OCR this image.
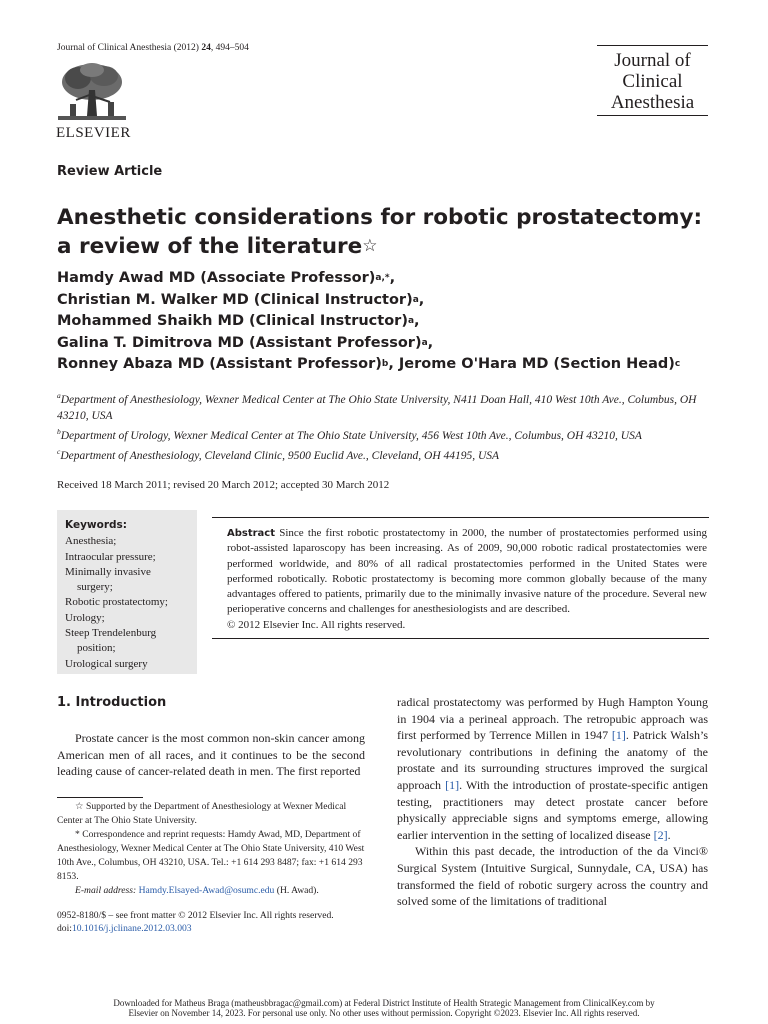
Journal of Clinical Anesthesia (2012) 24, 494–504
Journal of
Clinical
Anesthesia
ELSEVIER
Review Article
Anesthetic considerations for robotic prostatectomy:
a review of the literature☆
Hamdy Awad MD (Associate Professor)$^{a,*}$,
Christian M. Walker MD (Clinical Instructor)$^a$,
Mohammed Shaikh MD (Clinical Instructor)$^a$,
Galina T. Dimitrova MD (Assistant Professor)$^a$,
Ronney Abaza MD (Assistant Professor)$^b$, Jerome O'Hara MD (Section Head)$^c$
$^a$Department of Anesthesiology, Wexner Medical Center at The Ohio State University, N411 Doan Hall, 410 West 10th Ave., Columbus, OH 43210, USA
$^b$Department of Urology, Wexner Medical Center at The Ohio State University, 456 West 10th Ave., Columbus, OH 43210, USA
$^c$Department of Anesthesiology, Cleveland Clinic, 9500 Euclid Ave., Cleveland, OH 44195, USA
Received 18 March 2011; revised 20 March 2012; accepted 30 March 2012
Keywords:
Anesthesia;
Intraocular pressure;
Minimally invasive
surgery;
Robotic prostatectomy;
Urology;
Steep Trendelenburg
position;
Urological surgery
Abstract Since the first robotic prostatectomy in 2000, the number of prostatectomies performed using robot-assisted laparoscopy has been increasing. As of 2009, 90,000 robotic radical prostatectomies were performed worldwide, and 80% of all radical prostatectomies performed in the United States were performed robotically. Robotic prostatectomy is becoming more common globally because of the many advantages offered to patients, primarily due to the minimally invasive nature of the procedure. Several new perioperative concerns and challenges for anesthesiologists and are described.
© 2012 Elsevier Inc. All rights reserved.
1. Introduction

Prostate cancer is the most common non-skin cancer among American men of all races, and it continues to be the second leading cause of cancer-related death in men. The first reported

☆ Supported by the Department of Anesthesiology at Wexner Medical Center at The Ohio State University.

* Correspondence and reprint requests: Hamdy Awad, MD, Department of Anesthesiology, Wexner Medical Center at The Ohio State University, 410 West 10th Ave., Columbus, OH 43210, USA. Tel.: +1 614 293 8487; fax: +1 614 293 8153.

E-mail address: Hamdy.Elsayed-Awad@osumc.edu (H. Awad).

0952-8180/$ – see front matter © 2012 Elsevier Inc. All rights reserved.
doi:10.1016/j.jclinane.2012.03.003

radical prostatectomy was performed by Hugh Hampton Young in 1904 via a perineal approach. The retropubic approach was first performed by Terrence Millen in 1947 [1]. Patrick Walsh’s revolutionary contributions in defining the anatomy of the prostate and its surrounding structures improved the surgical approach [1]. With the introduction of prostate-specific antigen testing, practitioners may detect prostate cancer before physically appreciable signs and symptoms emerge, allowing earlier intervention in the setting of localized disease [2].

Within this past decade, the introduction of the da Vinci® Surgical System (Intuitive Surgical, Sunnydale, CA, USA) has transformed the field of robotic surgery across the country and solved some of the limitations of traditional

Downloaded for Matheus Braga (matheusbbragac@gmail.com) at Federal District Institute of Health Strategic Management from ClinicalKey.com by
Elsevier on November 14, 2023. For personal use only. No other uses without permission. Copyright ©2023. Elsevier Inc. All rights reserved.
